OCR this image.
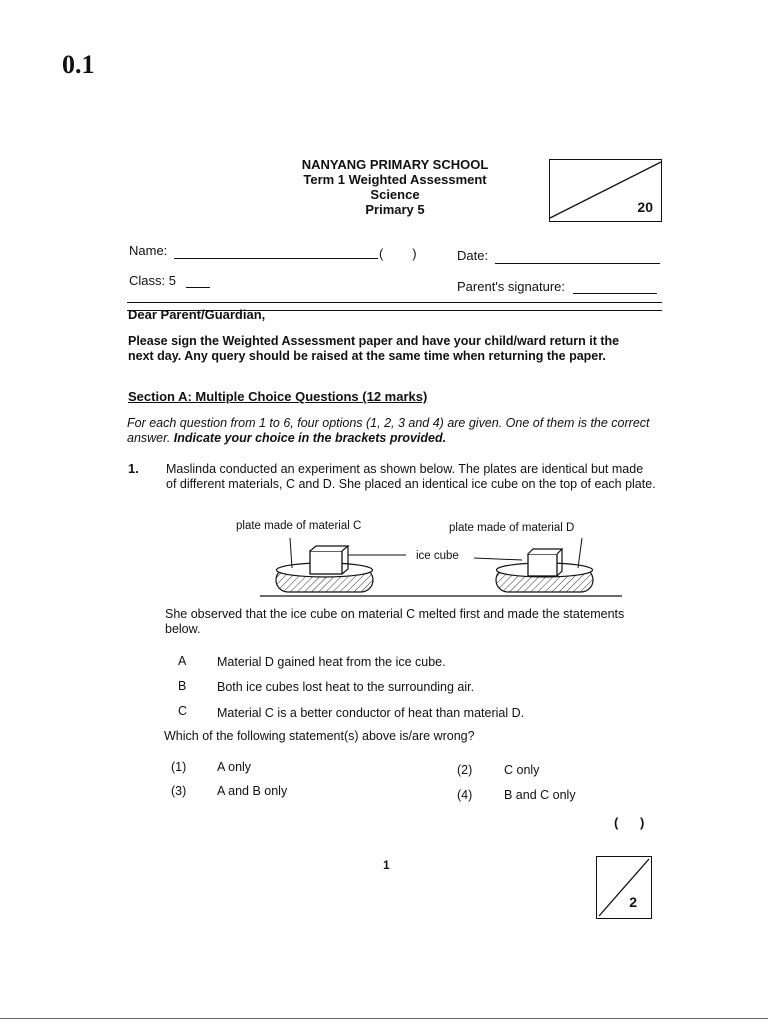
0.1
NANYANG PRIMARY SCHOOL
Term 1 Weighted Assessment
Science
Primary 5	20
Name:	(        )	Date:
Class: 5	Parent's signature:
Dear Parent/Guardian,
Please sign the Weighted Assessment paper and have your child/ward return it the next day. Any query should be raised at the same time when returning the paper.
Section A: Multiple Choice Questions (12 marks)
For each question from 1 to 6, four options (1, 2, 3 and 4) are given. One of them is the correct answer. Indicate your choice in the brackets provided.
1. Maslinda conducted an experiment as shown below. The plates are identical but made of different materials, C and D. She placed an identical ice cube on the top of each plate.
plate made of material C	plate made of material D
ice cube
She observed that the ice cube on material C melted first and made the statements below.
A Material D gained heat from the ice cube.
B Both ice cubes lost heat to the surrounding air.
C Material C is a better conductor of heat than material D.
Which of the following statement(s) above is/are wrong?
(1) A only	(2)	C only
(3) A and B only	(4)	B and C only
(      )
1
2
